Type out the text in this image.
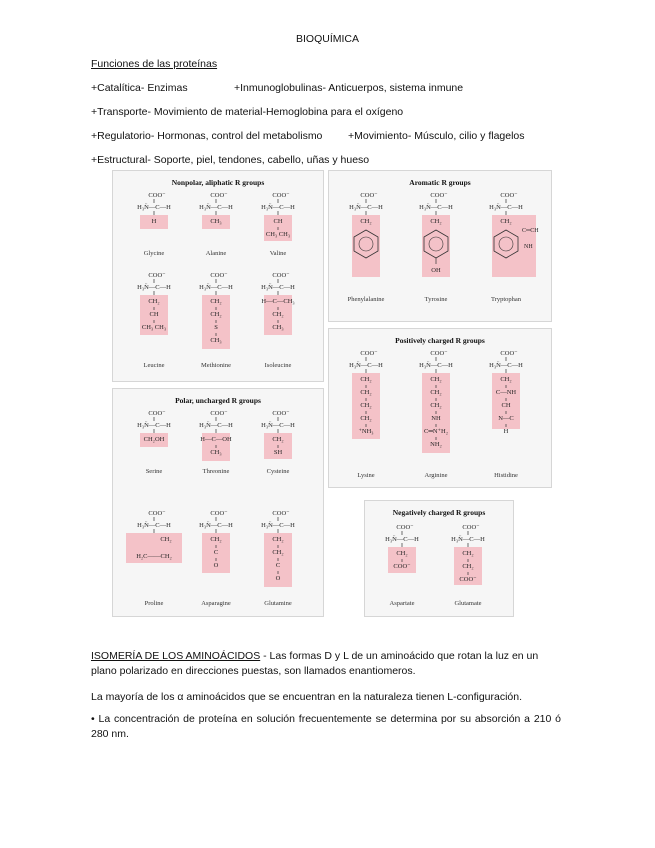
BIOQUÍMICA
Funciones de las proteínas
+Catalítica- Enzimas	+Inmunoglobulinas- Anticuerpos, sistema inmune
+Transporte- Movimiento de material-Hemoglobina para el oxígeno
+Regulatorio- Hormonas, control del metabolismo +Movimiento- Músculo, cilio y flagelos
+Estructural- Soporte, piel, tendones, cabello, uñas y hueso
Nonpolar, aliphatic R groups	Aromatic R groups
Positively charged R groups
Polar, uncharged R groups
Negatively charged R groups
COO⁻
H₃N̈—C—H
H
Glycine
COO⁻
H₃N̈—C—H
CH₃
Alanine
COO⁻
H₃N̈—C—H
CH
CH₃ CH₃
Valine
COO⁻
H₃N̈—C—H
CH₂
CH
CH₃ CH₃
Leucine
COO⁻
H₃N̈—C—H
CH₂
CH₂
S
CH₃
Methionine
COO⁻
H₃N̈—C—H
H—C—CH₃
CH₂
CH₃
Isoleucine
COO⁻
H₃N̈—C—H
CH₂
Phenylalanine
COO⁻
H₃N̈—C—H
CH₂
OH
Tyrosine
COO⁻
H₃N̈—C—H
CH₂
C═CH
NH
Tryptophan
COO⁻
H₃N̈—C—H
CH₂
CH₂
CH₂
CH₂
⁺NH₃
Lysine
COO⁻
H₃N̈—C—H
CH₂
CH₂
CH₂
NH
C═N⁺H₂
NH₂
Arginine
COO⁻
H₃N̈—C—H
CH₂
C—NH
CH
N—C
H
Histidine
COO⁻
H₃N̈—C—H
CH₂OH
Serine
COO⁻
H₃N̈—C—H
H—C—OH
CH₃
Threonine
COO⁻
H₃N̈—C—H
CH₂
SH
Cysteine
COO⁻
H₃N̈—C—H
CH₂
H₂C——CH₂
Proline
COO⁻
H₃N̈—C—H
CH₂
C
O
Asparagine
COO⁻
H₃N̈—C—H
CH₂
CH₂
C
O
Glutamine
COO⁻
H₃N̈—C—H
CH₂
COO⁻
Aspartate
COO⁻
H₃N̈—C—H
CH₂
CH₂
COO⁻
Glutamate
ISOMERÍA DE LOS AMINOÁCIDOS - Las formas D y L de un aminoácido que rotan la luz en un plano polarizado en direcciones puestas, son llamados enantiomeros.
La mayoría de los α aminoácidos que se encuentran en la naturaleza tienen L-configuración.
• La concentración de proteína en solución frecuentemente se determina por su absorción a 210 ó 280 nm.
